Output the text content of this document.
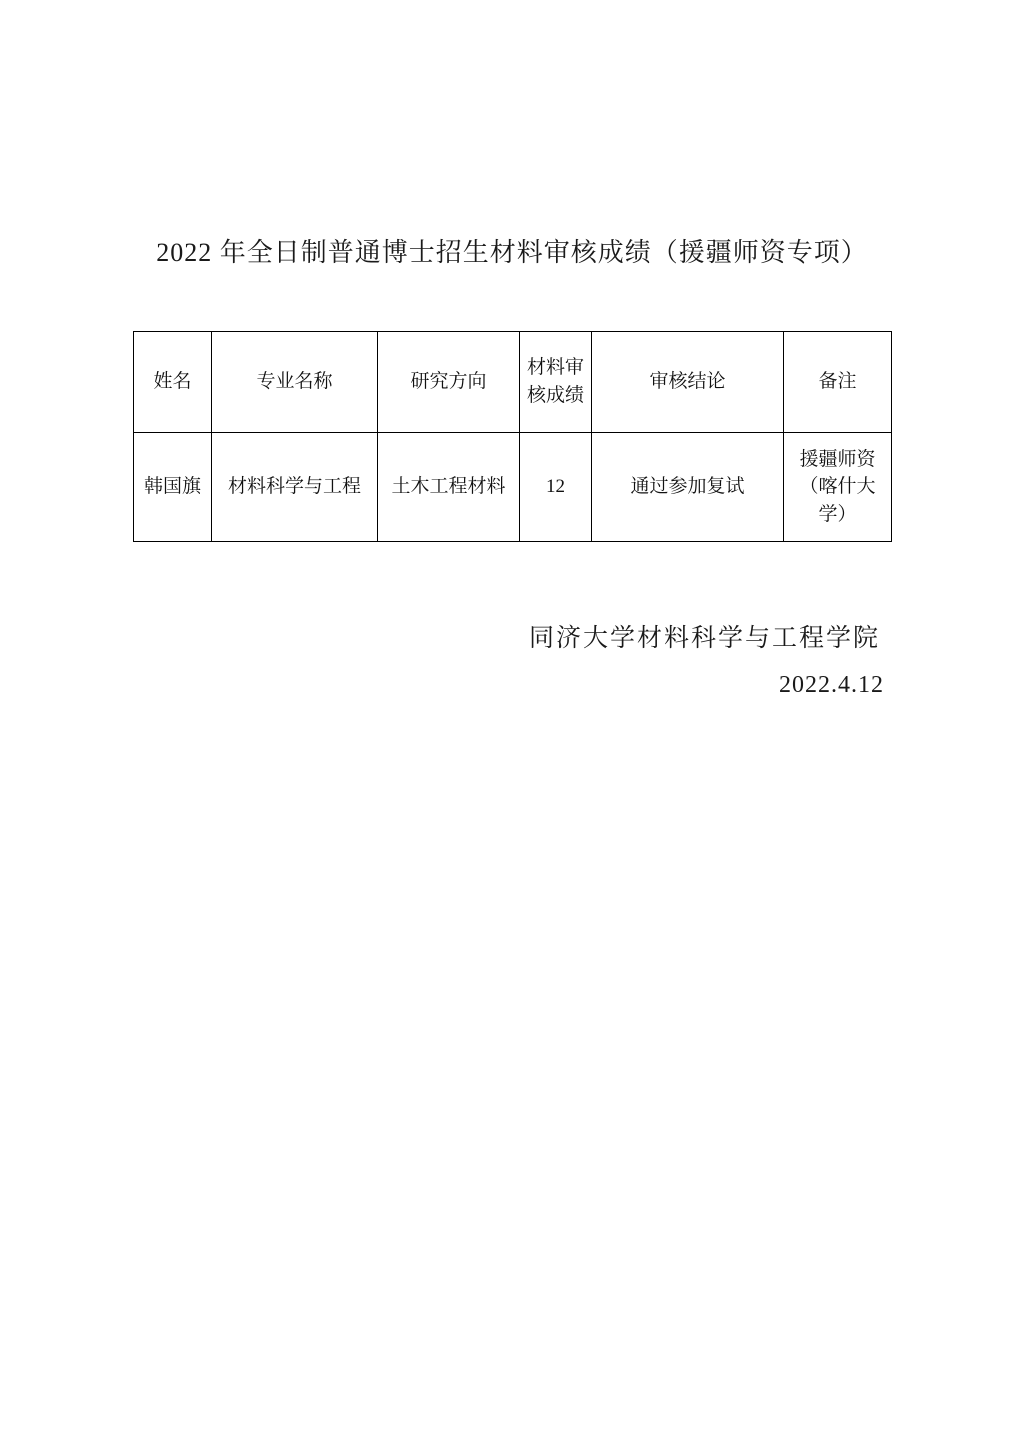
2022 年全日制普通博士招生材料审核成绩（援疆师资专项）
姓名	专业名称	研究方向	材料审核成绩	审核结论	备注
韩国旗	材料科学与工程	土木工程材料	12	通过参加复试	援疆师资（喀什大学）
同济大学材料科学与工程学院
2022.4.12
